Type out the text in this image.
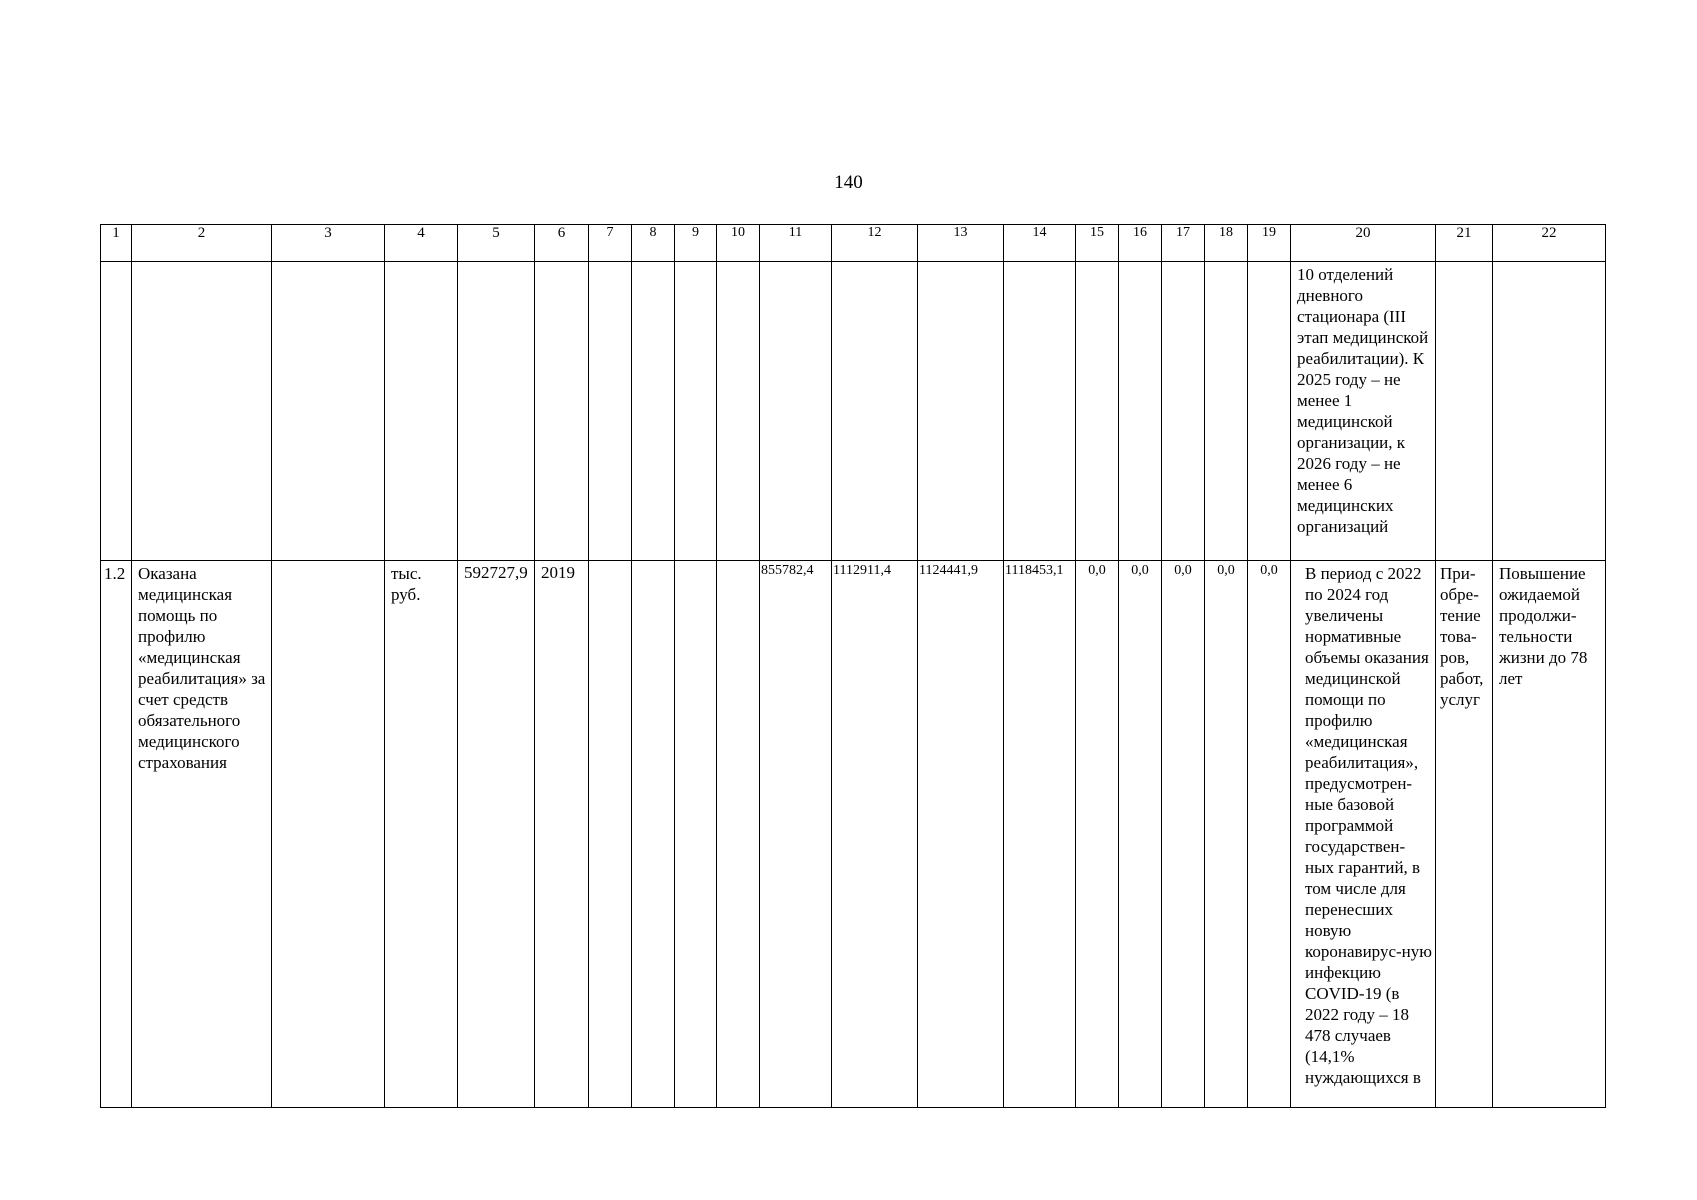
140
1	2	3	4	5	6	7	8	9	10	11	12	13	14	15	16	17	18	19	20	21	22

																			10 отделений дневного стационара (III этап медицинской реабилитации). К 2025 году – не менее 1 медицинской организации, к 2026 году – не менее 6 медицинских организаций		

1.2	Оказана медицинская помощь по профилю «медицинская реабилитация» за счет средств обязательного медицинского страхования		тыс. руб.	592727,9	2019					855782,4	1112911,4	1124441,9	1118453,1	0,0	0,0	0,0	0,0	0,0	В период с 2022 по 2024 год увеличены нормативные объемы оказания медицинской помощи по профилю «медицинская реабилитация», предусмотрен-ные базовой программой государствен-ных гарантий, в том числе для перенесших новую коронавирус-ную инфекцию COVID-19 (в 2022 году – 18 478 случаев (14,1% нуждающихся в	При-обре-тение това-ров, работ, услуг	Повышение ожидаемой продолжи-тельности жизни до 78 лет
